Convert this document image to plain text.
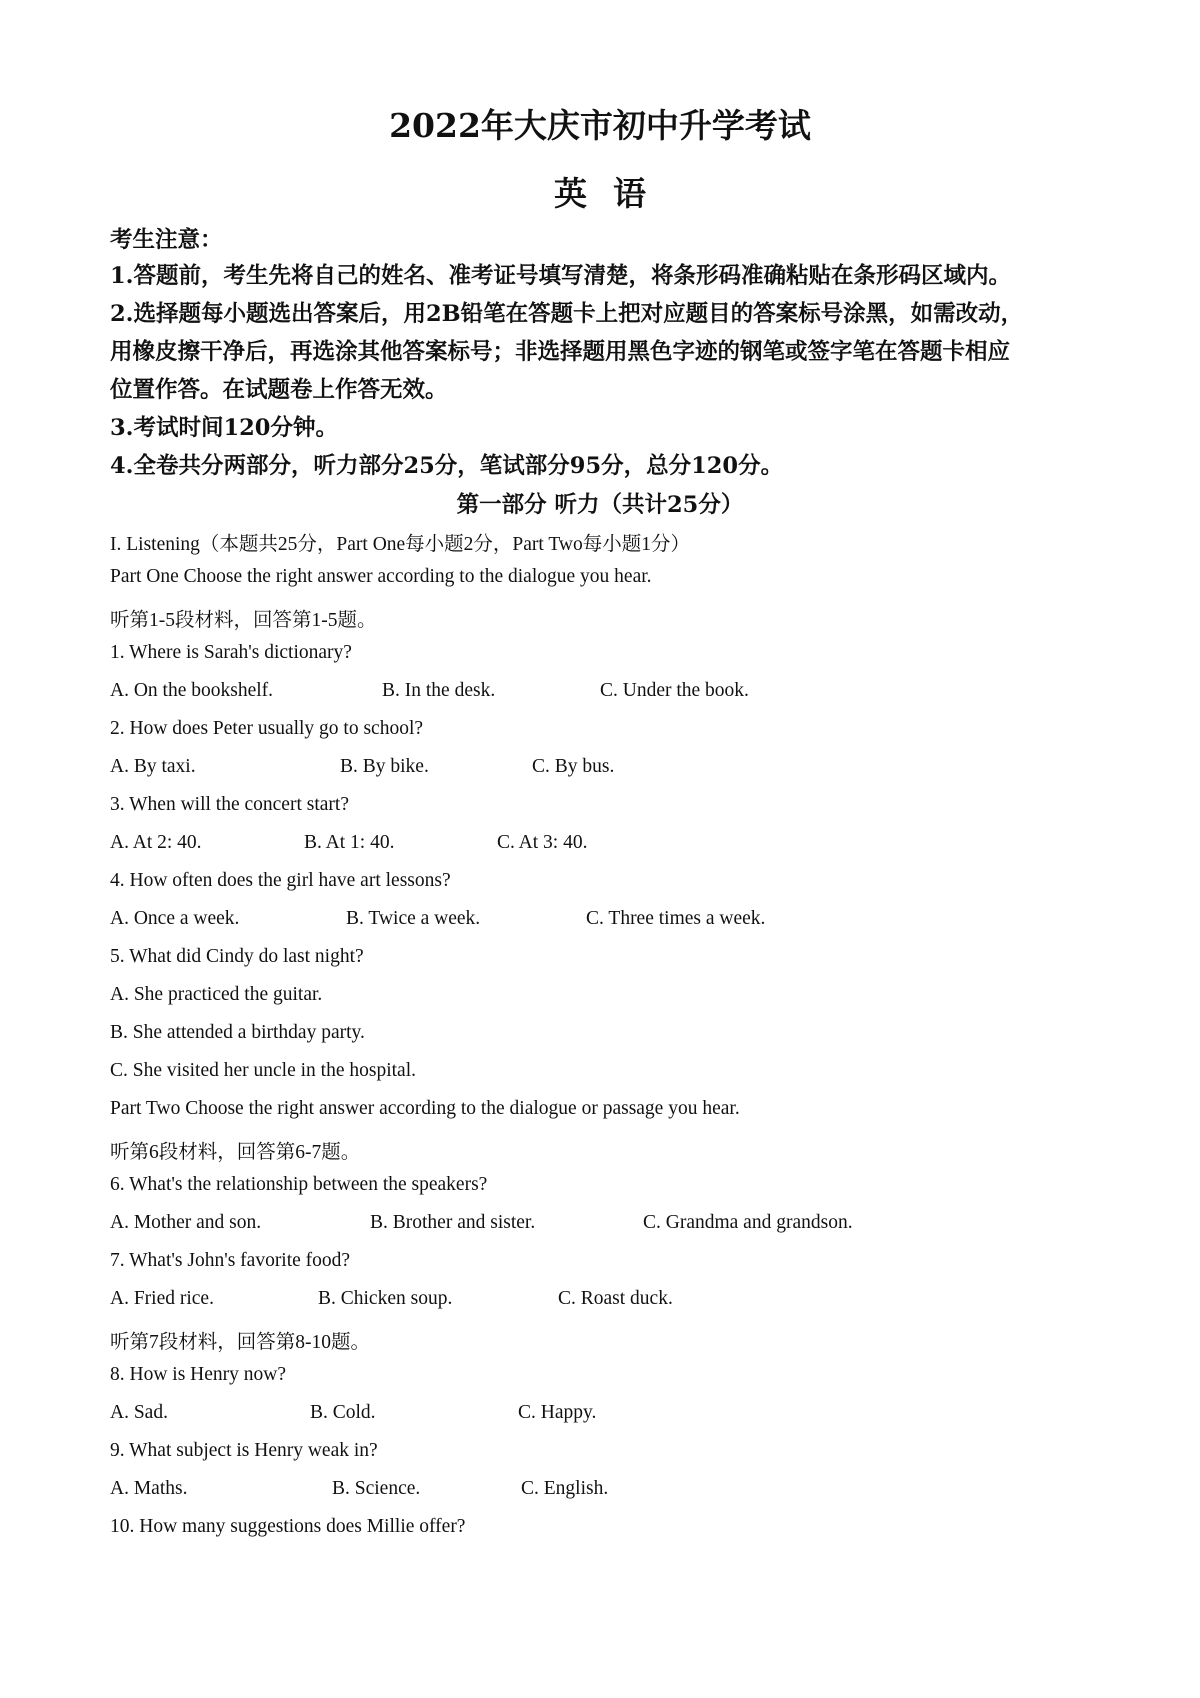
2022年大庆市初中升学考试
英语
考生注意：
1.答题前，考生先将自己的姓名、准考证号填写清楚，将条形码准确粘贴在条形码区域内。
2.选择题每小题选出答案后，用2B铅笔在答题卡上把对应题目的答案标号涂黑，如需改动，
用橡皮擦干净后，再选涂其他答案标号；非选择题用黑色字迹的钢笔或签字笔在答题卡相应
位置作答。在试题卷上作答无效。
3.考试时间120分钟。
4.全卷共分两部分，听力部分25分，笔试部分95分，总分120分。
第一部分 听力（共计25分）
I. Listening（本题共25分，Part One每小题2分，Part Two每小题1分）
Part One Choose the right answer according to the dialogue you hear.
听第1-5段材料，回答第1-5题。
1. Where is Sarah's dictionary?
A. On the bookshelf.	B. In the desk.	C. Under the book.
2. How does Peter usually go to school?
A. By taxi.	B. By bike.	C. By bus.
3. When will the concert start?
A. At 2: 40.	B. At 1: 40.	C. At 3: 40.
4. How often does the girl have art lessons?
A. Once a week.	B. Twice a week.	C. Three times a week.
5. What did Cindy do last night?
A. She practiced the guitar.
B. She attended a birthday party.
C. She visited her uncle in the hospital.
Part Two Choose the right answer according to the dialogue or passage you hear.
听第6段材料，回答第6-7题。
6. What's the relationship between the speakers?
A. Mother and son.	B. Brother and sister.	C. Grandma and grandson.
7. What's John's favorite food?
A. Fried rice.	B. Chicken soup.	C. Roast duck.
听第7段材料，回答第8-10题。
8. How is Henry now?
A. Sad.	B. Cold.	C. Happy.
9. What subject is Henry weak in?
A. Maths.	B. Science.	C. English.
10. How many suggestions does Millie offer?
